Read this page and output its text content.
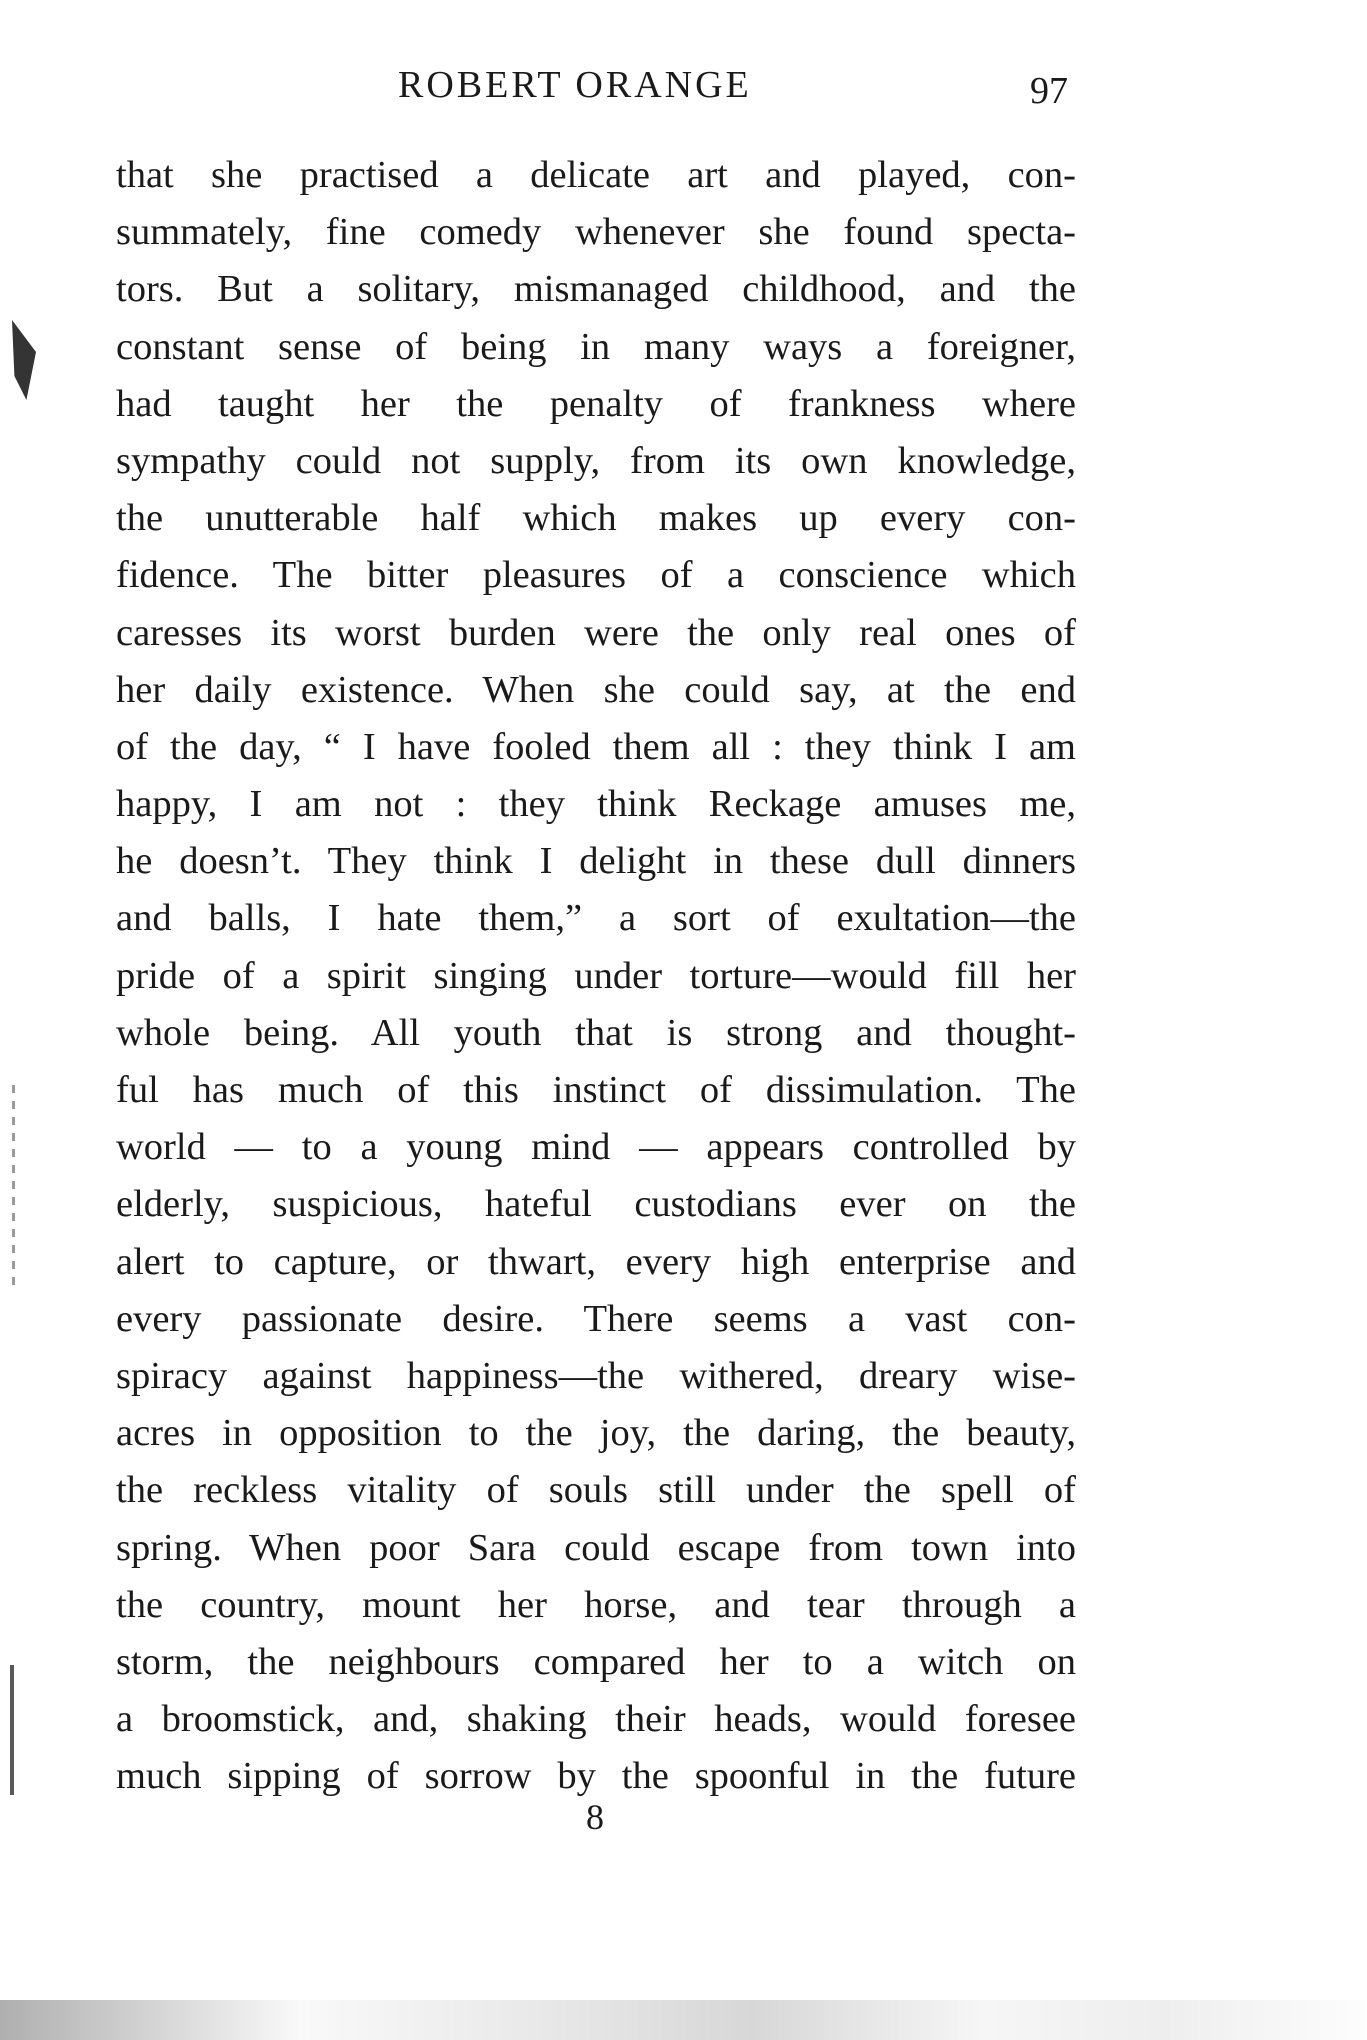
ROBERT ORANGE	97
that she practised a delicate art and played, con-
summately, fine comedy whenever she found specta-
tors. But a solitary, mismanaged childhood, and the
constant sense of being in many ways a foreigner,
had taught her the penalty of frankness where
sympathy could not supply, from its own knowledge,
the unutterable half which makes up every con-
fidence. The bitter pleasures of a conscience which
caresses its worst burden were the only real ones of
her daily existence. When she could say, at the end
of the day, “ I have fooled them all : they think I am
happy, I am not : they think Reckage amuses me,
he doesn’t. They think I delight in these dull dinners
and balls, I hate them,” a sort of exultation—the
pride of a spirit singing under torture—would fill her
whole being. All youth that is strong and thought-
ful has much of this instinct of dissimulation. The
world — to a young mind — appears controlled by
elderly, suspicious, hateful custodians ever on the
alert to capture, or thwart, every high enterprise and
every passionate desire. There seems a vast con-
spiracy against happiness—the withered, dreary wise-
acres in opposition to the joy, the daring, the beauty,
the reckless vitality of souls still under the spell of
spring. When poor Sara could escape from town into
the country, mount her horse, and tear through a
storm, the neighbours compared her to a witch on
a broomstick, and, shaking their heads, would foresee
much sipping of sorrow by the spoonful in the future
8
